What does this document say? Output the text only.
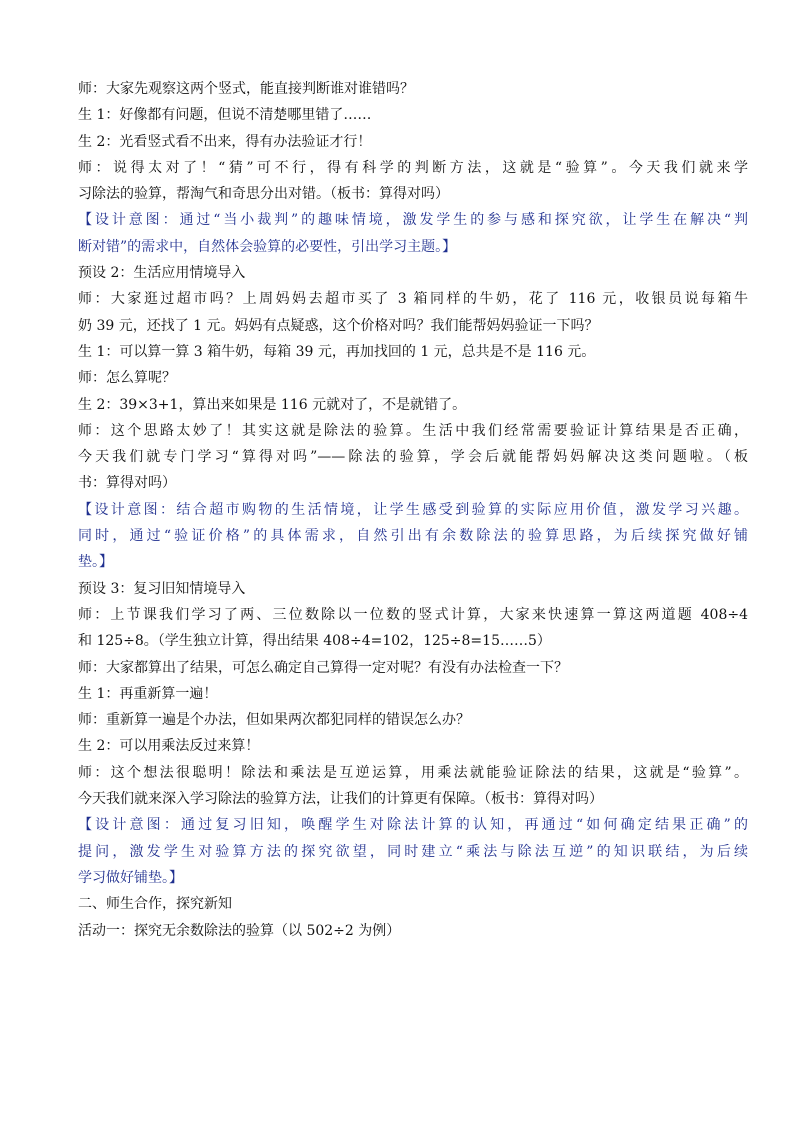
师：大家先观察这两个竖式，能直接判断谁对谁错吗？
生 1：好像都有问题，但说不清楚哪里错了……
生 2：光看竖式看不出来，得有办法验证才行！
师：说得太对了！“猜”可不行，得有科学的判断方法，这就是“验算”。今天我们就来学
习除法的验算，帮淘气和奇思分出对错。（板书：算得对吗）
【设计意图：通过“当小裁判”的趣味情境，激发学生的参与感和探究欲，让学生在解决“判
断对错”的需求中，自然体会验算的必要性，引出学习主题。】
预设 2：生活应用情境导入
师：大家逛过超市吗？上周妈妈去超市买了 3 箱同样的牛奶，花了 116 元，收银员说每箱牛
奶 39 元，还找了 1 元。妈妈有点疑惑，这个价格对吗？我们能帮妈妈验证一下吗？
生 1：可以算一算 3 箱牛奶，每箱 39 元，再加找回的 1 元，总共是不是 116 元。
师：怎么算呢？
生 2：39×3+1，算出来如果是 116 元就对了，不是就错了。
师：这个思路太妙了！其实这就是除法的验算。生活中我们经常需要验证计算结果是否正确，
今天我们就专门学习“算得对吗”——除法的验算，学会后就能帮妈妈解决这类问题啦。（板
书：算得对吗）
【设计意图：结合超市购物的生活情境，让学生感受到验算的实际应用价值，激发学习兴趣。
同时，通过“验证价格”的具体需求，自然引出有余数除法的验算思路，为后续探究做好铺
垫。】
预设 3：复习旧知情境导入
师：上节课我们学习了两、三位数除以一位数的竖式计算，大家来快速算一算这两道题 408÷4
和 125÷8。（学生独立计算，得出结果 408÷4=102，125÷8=15……5）
师：大家都算出了结果，可怎么确定自己算得一定对呢？有没有办法检查一下？
生 1：再重新算一遍！
师：重新算一遍是个办法，但如果两次都犯同样的错误怎么办？
生 2：可以用乘法反过来算！
师：这个想法很聪明！除法和乘法是互逆运算，用乘法就能验证除法的结果，这就是“验算”。
今天我们就来深入学习除法的验算方法，让我们的计算更有保障。（板书：算得对吗）
【设计意图：通过复习旧知，唤醒学生对除法计算的认知，再通过“如何确定结果正确”的
提问，激发学生对验算方法的探究欲望，同时建立“乘法与除法互逆”的知识联结，为后续
学习做好铺垫。】
二、师生合作，探究新知
活动一：探究无余数除法的验算（以 502÷2 为例）
